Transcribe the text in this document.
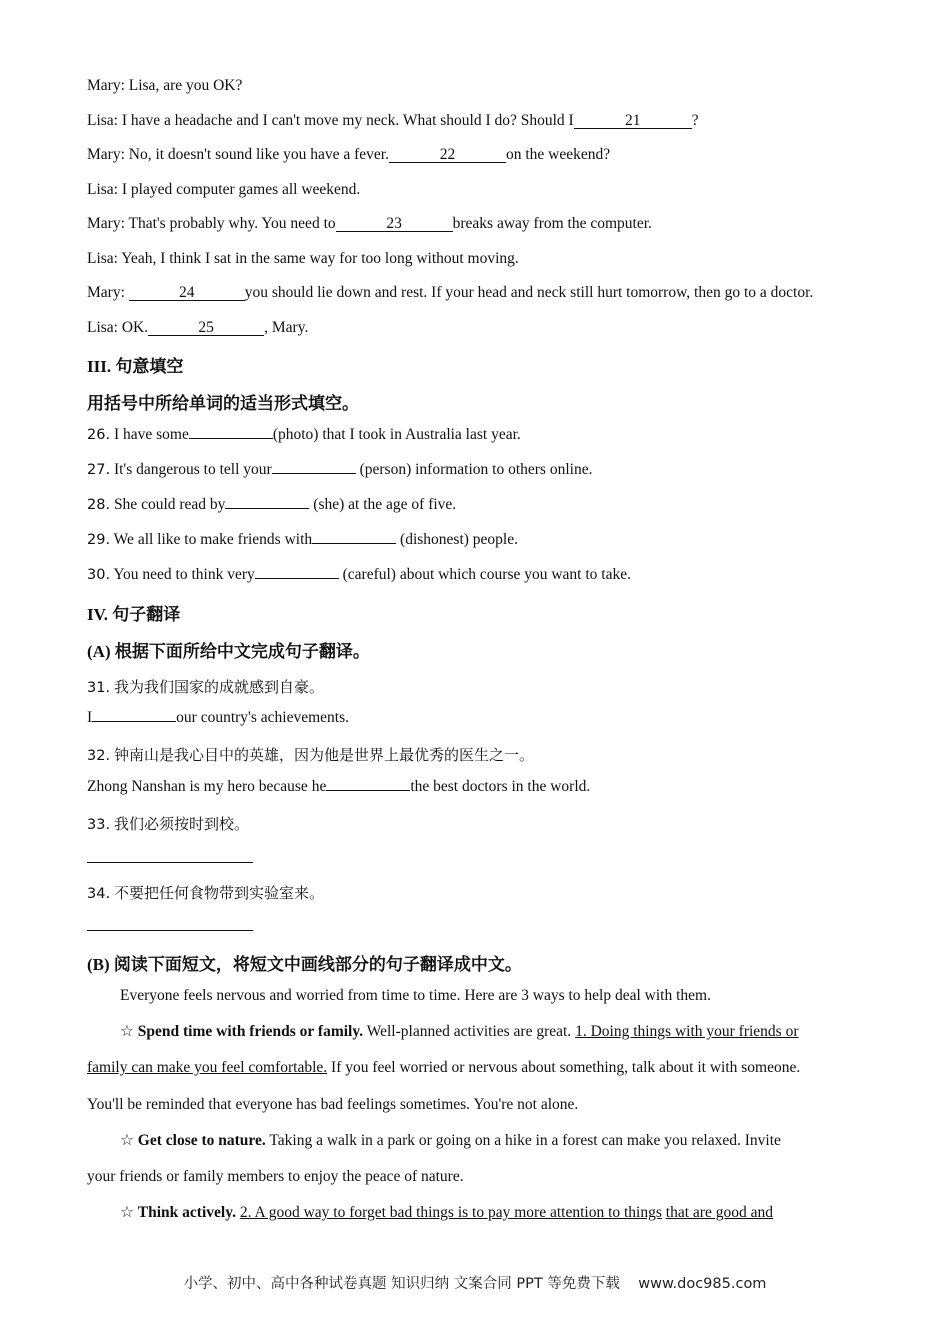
Mary: Lisa, are you OK?
Lisa: I have a headache and I can't move my neck. What should I do? Should I	21	?
Mary: No, it doesn't sound like you have a fever.	22	on the weekend?
Lisa: I played computer games all weekend.
Mary: That's probably why. You need to	23	breaks away from the computer.
Lisa: Yeah, I think I sat in the same way for too long without moving.
Mary:	24	you should lie down and rest. If your head and neck still hurt tomorrow, then go to a doctor.
Lisa: OK.	25	, Mary.
III. 句意填空
用括号中所给单词的适当形式填空。
26. I have some	(photo) that I took in Australia last year.
27. It's dangerous to tell your	(person) information to others online.
28. She could read by	(she) at the age of five.
29. We all like to make friends with	(dishonest) people.
30. You need to think very	(careful) about which course you want to take.
IV. 句子翻译
(A) 根据下面所给中文完成句子翻译。
31. 我为我们国家的成就感到自豪。
I	our country's achievements.
32. 钟南山是我心目中的英雄，因为他是世界上最优秀的医生之一。
Zhong Nanshan is my hero because he	the best doctors in the world.
33. 我们必须按时到校。
34. 不要把任何食物带到实验室来。
(B) 阅读下面短文，将短文中画线部分的句子翻译成中文。
Everyone feels nervous and worried from time to time. Here are 3 ways to help deal with them.
☆ Spend time with friends or family. Well-planned activities are great. 1. Doing things with your friends or
family can make you feel comfortable. If you feel worried or nervous about something, talk about it with someone.
You'll be reminded that everyone has bad feelings sometimes. You're not alone.
☆ Get close to nature. Taking a walk in a park or going on a hike in a forest can make you relaxed. Invite
your friends or family members to enjoy the peace of nature.
☆ Think actively. 2. A good way to forget bad things is to pay more attention to things that are good and
小学、初中、高中各种试卷真题 知识归纳 文案合同 PPT 等免费下载    www.doc985.com
